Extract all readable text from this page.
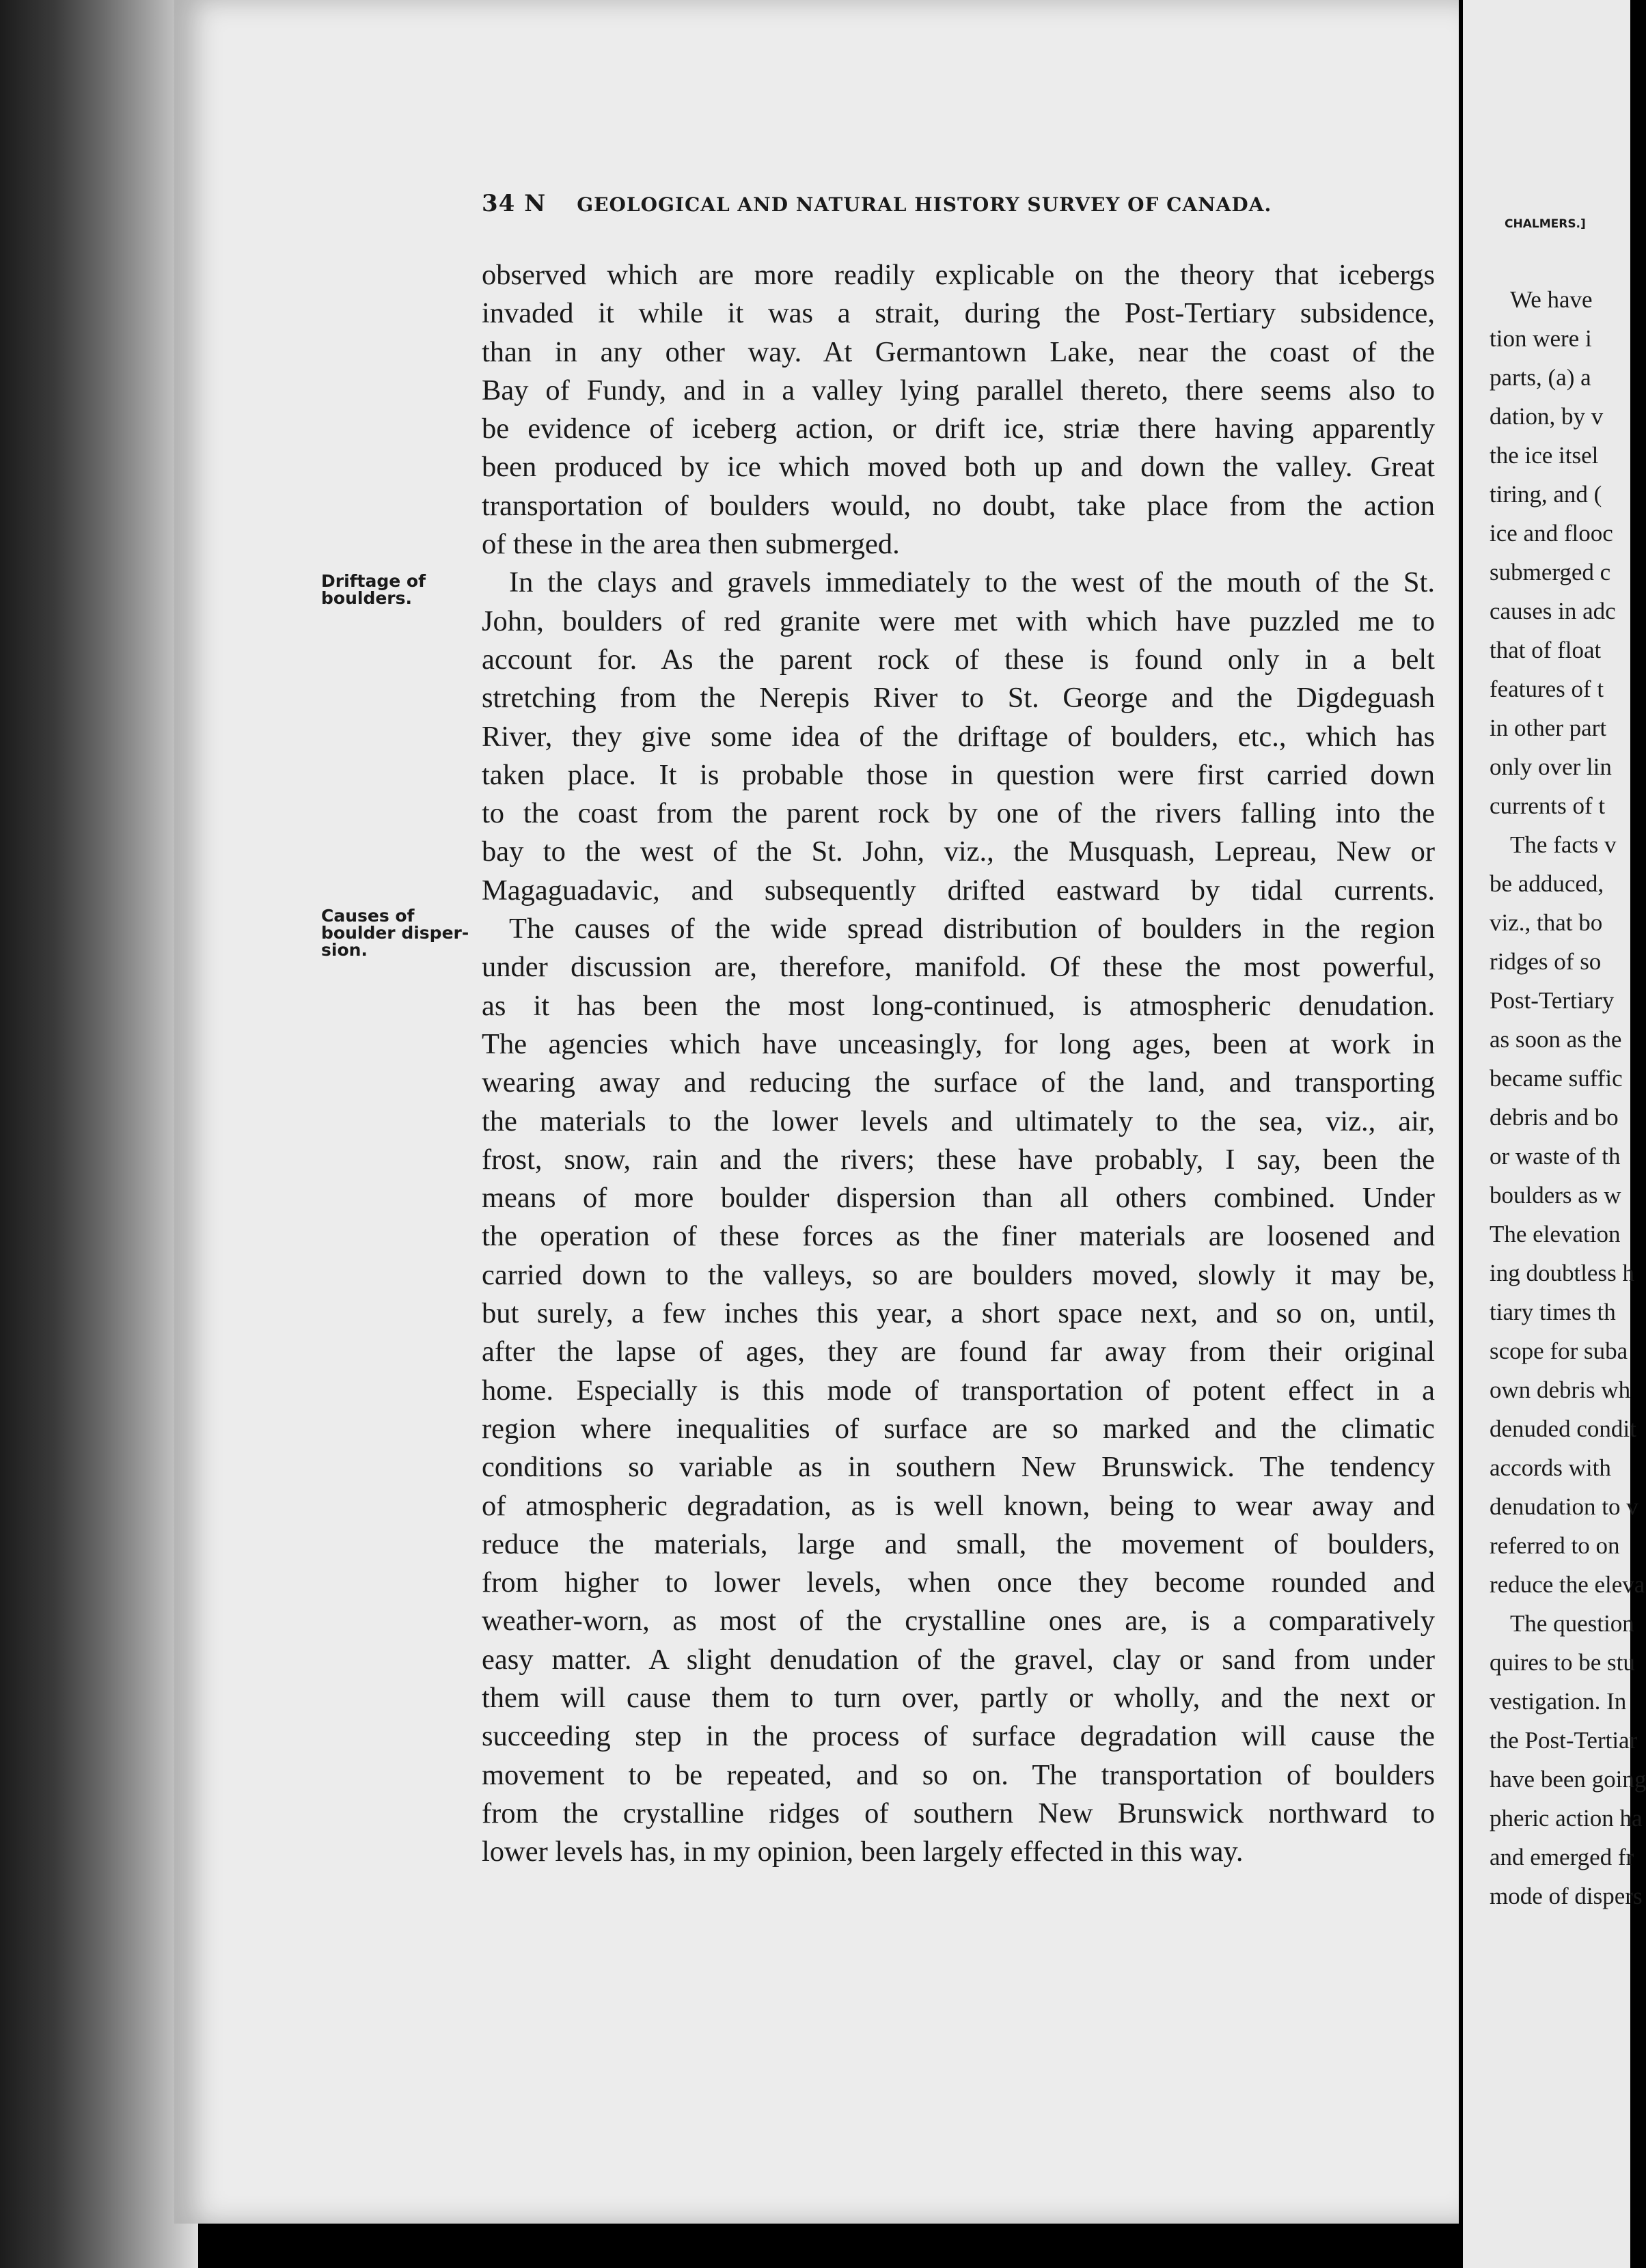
34 N GEOLOGICAL AND NATURAL HISTORY SURVEY OF CANADA.
Driftage of
boulders.
Causes of
boulder disper-
sion.
observed which are more readily explicable on the theory that icebergs
invaded it while it was a strait, during the Post-Tertiary subsidence,
than in any other way. At Germantown Lake, near the coast of the
Bay of Fundy, and in a valley lying parallel thereto, there seems also to
be evidence of iceberg action, or drift ice, striæ there having apparently
been produced by ice which moved both up and down the valley. Great
transportation of boulders would, no doubt, take place from the action
of these in the area then submerged.
In the clays and gravels immediately to the west of the mouth of the St.
John, boulders of red granite were met with which have puzzled me to
account for. As the parent rock of these is found only in a belt
stretching from the Nerepis River to St. George and the Digdeguash
River, they give some idea of the driftage of boulders, etc., which has
taken place. It is probable those in question were first carried down
to the coast from the parent rock by one of the rivers falling into the
bay to the west of the St. John, viz., the Musquash, Lepreau, New or
Magaguadavic, and subsequently drifted eastward by tidal currents.
The causes of the wide spread distribution of boulders in the region
under discussion are, therefore, manifold. Of these the most powerful,
as it has been the most long-continued, is atmospheric denudation.
The agencies which have unceasingly, for long ages, been at work in
wearing away and reducing the surface of the land, and transporting
the materials to the lower levels and ultimately to the sea, viz., air,
frost, snow, rain and the rivers; these have probably, I say, been the
means of more boulder dispersion than all others combined. Under
the operation of these forces as the finer materials are loosened and
carried down to the valleys, so are boulders moved, slowly it may be,
but surely, a few inches this year, a short space next, and so on, until,
after the lapse of ages, they are found far away from their original
home. Especially is this mode of transportation of potent effect in a
region where inequalities of surface are so marked and the climatic
conditions so variable as in southern New Brunswick. The tendency
of atmospheric degradation, as is well known, being to wear away and
reduce the materials, large and small, the movement of boulders,
from higher to lower levels, when once they become rounded and
weather-worn, as most of the crystalline ones are, is a comparatively
easy matter. A slight denudation of the gravel, clay or sand from under
them will cause them to turn over, partly or wholly, and the next or
succeeding step in the process of surface degradation will cause the
movement to be repeated, and so on. The transportation of boulders
from the crystalline ridges of southern New Brunswick northward to
lower levels has, in my opinion, been largely effected in this way.
CHALMERS.]
We have
tion were i
parts, (a) a
dation, by v
the ice itsel
tiring, and (
ice and flooc
submerged c
causes in adc
that of float
features of t
in other part
only over lin
currents of t
The facts v
be adduced,
viz., that bo
ridges of so
Post-Tertiary
as soon as the
became suffic
debris and bo
or waste of th
boulders as w
The elevation
ing doubtless h
tiary times th
scope for suba
own debris wh
denuded condit
accords with
denudation to v
referred to on
reduce the eleva
The question
quires to be stu
vestigation. In
the Post-Tertiar
have been going
pheric action ha
and emerged fr
mode of dispers
